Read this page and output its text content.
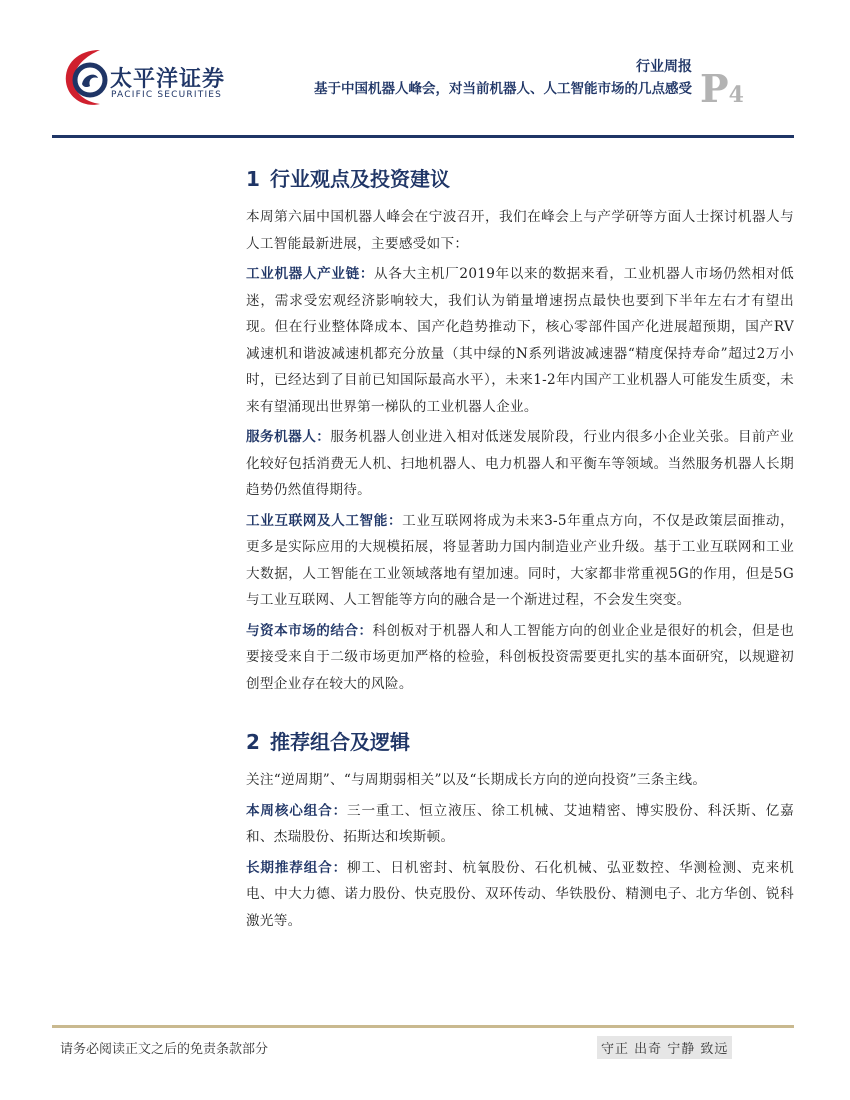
太平洋证券
PACIFIC SECURITIES
行业周报
基于中国机器人峰会，对当前机器人、人工智能市场的几点感受 P4
1 行业观点及投资建议

本周第六届中国机器人峰会在宁波召开，我们在峰会上与产学研等方面人士探讨机器人与人工智能最新进展，主要感受如下：

工业机器人产业链：从各大主机厂2019年以来的数据来看，工业机器人市场仍然相对低迷，需求受宏观经济影响较大，我们认为销量增速拐点最快也要到下半年左右才有望出现。但在行业整体降成本、国产化趋势推动下，核心零部件国产化进展超预期，国产RV减速机和谐波减速机都充分放量（其中绿的N系列谐波减速器“精度保持寿命”超过2万小时，已经达到了目前已知国际最高水平），未来1-2年内国产工业机器人可能发生质变，未来有望涌现出世界第一梯队的工业机器人企业。

服务机器人：服务机器人创业进入相对低迷发展阶段，行业内很多小企业关张。目前产业化较好包括消费无人机、扫地机器人、电力机器人和平衡车等领域。当然服务机器人长期趋势仍然值得期待。

工业互联网及人工智能：工业互联网将成为未来3-5年重点方向，不仅是政策层面推动，更多是实际应用的大规模拓展，将显著助力国内制造业产业升级。基于工业互联网和工业大数据，人工智能在工业领域落地有望加速。同时，大家都非常重视5G的作用，但是5G与工业互联网、人工智能等方向的融合是一个渐进过程，不会发生突变。

与资本市场的结合：科创板对于机器人和人工智能方向的创业企业是很好的机会，但是也要接受来自于二级市场更加严格的检验，科创板投资需要更扎实的基本面研究，以规避初创型企业存在较大的风险。

2 推荐组合及逻辑

关注“逆周期”、“与周期弱相关”以及“长期成长方向的逆向投资”三条主线。

本周核心组合：三一重工、恒立液压、徐工机械、艾迪精密、博实股份、科沃斯、亿嘉和、杰瑞股份、拓斯达和埃斯顿。

长期推荐组合：柳工、日机密封、杭氧股份、石化机械、弘亚数控、华测检测、克来机电、中大力德、诺力股份、快克股份、双环传动、华铁股份、精测电子、北方华创、锐科激光等。

请务必阅读正文之后的免责条款部分	守正 出奇 宁静 致远
